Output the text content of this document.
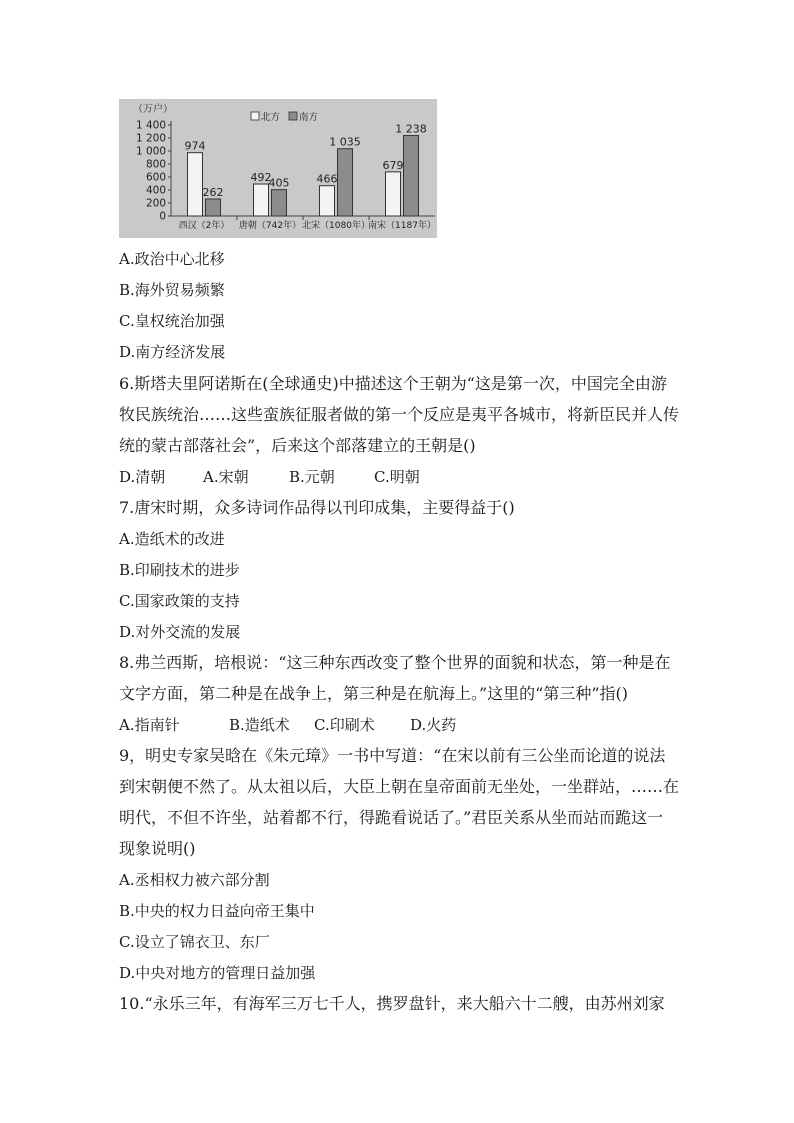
（万户）
0
200
400
600
800
1 000
1 200
1 400
北方 南方
974
262
西汉（2年）
492
405
唐朝（742年）
466
1 035
北宋（1080年）
679
1 238
南宋（1187年）
A.政治中心北移
B.海外贸易频繁
C.皇权统治加强
D.南方经济发展
6.斯塔夫里阿诺斯在(全球通史)中描述这个王朝为“这是第一次，中国完全由游
牧民族统治……这些蛮族征服者做的第一个反应是夷平各城市，将新臣民并人传
统的蒙古部落社会”，后来这个部落建立的王朝是()
D.清朝	A.宋朝	B.元朝	C.明朝
7.唐宋时期，众多诗词作品得以刊印成集，主要得益于()
A.造纸术的改进
B.印刷技术的进步
C.国家政策的支持
D.对外交流的发展
8.弗兰西斯，培根说：“这三种东西改变了整个世界的面貌和状态，第一种是在
文字方面，第二种是在战争上，第三种是在航海上。”这里的“第三种”指()
A.指南针	B.造纸术 C.印刷术 D.火药
9，明史专家吴晗在《朱元璋》一书中写道：“在宋以前有三公坐而论道的说法
到宋朝便不然了。从太祖以后，大臣上朝在皇帝面前无坐处，一坐群站，……在
明代，不但不许坐，站着都不行，得跪看说话了。”君臣关系从坐而站而跪这一
现象说明()
A.丞相权力被六部分割
B.中央的权力日益向帝王集中
C.设立了锦衣卫、东厂
D.中央对地方的管理日益加强
10.“永乐三年，有海军三万七千人，携罗盘针，来大船六十二艘，由苏州刘家
